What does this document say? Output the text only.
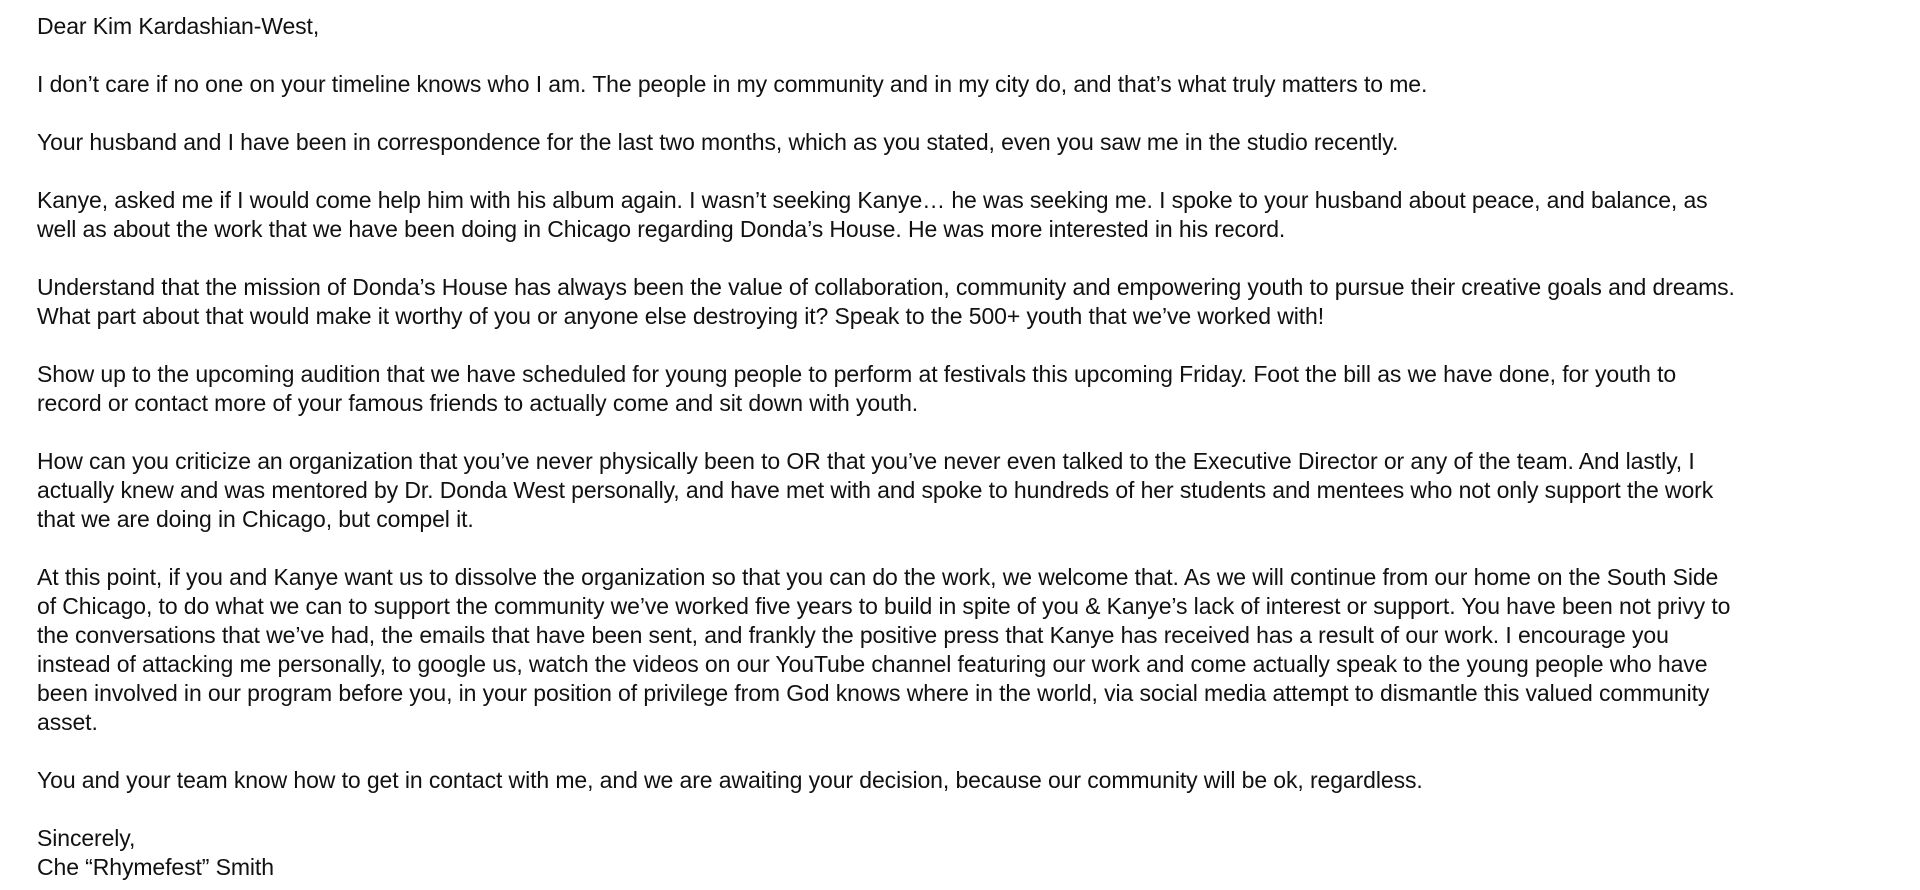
Dear Kim Kardashian-West,

I don’t care if no one on your timeline knows who I am. The people in my community and in my city do, and that’s what truly matters to me.

Your husband and I have been in correspondence for the last two months, which as you stated, even you saw me in the studio recently.

Kanye, asked me if I would come help him with his album again. I wasn’t seeking Kanye… he was seeking me. I spoke to your husband about peace, and balance, as
well as about the work that we have been doing in Chicago regarding Donda’s House. He was more interested in his record.

Understand that the mission of Donda’s House has always been the value of collaboration, community and empowering youth to pursue their creative goals and dreams.
What part about that would make it worthy of you or anyone else destroying it? Speak to the 500+ youth that we’ve worked with!

Show up to the upcoming audition that we have scheduled for young people to perform at festivals this upcoming Friday. Foot the bill as we have done, for youth to
record or contact more of your famous friends to actually come and sit down with youth.

How can you criticize an organization that you’ve never physically been to OR that you’ve never even talked to the Executive Director or any of the team. And lastly, I
actually knew and was mentored by Dr. Donda West personally, and have met with and spoke to hundreds of her students and mentees who not only support the work
that we are doing in Chicago, but compel it.

At this point, if you and Kanye want us to dissolve the organization so that you can do the work, we welcome that. As we will continue from our home on the South Side
of Chicago, to do what we can to support the community we’ve worked five years to build in spite of you & Kanye’s lack of interest or support. You have been not privy to
the conversations that we’ve had, the emails that have been sent, and frankly the positive press that Kanye has received has a result of our work. I encourage you
instead of attacking me personally, to google us, watch the videos on our YouTube channel featuring our work and come actually speak to the young people who have
been involved in our program before you, in your position of privilege from God knows where in the world, via social media attempt to dismantle this valued community
asset.

You and your team know how to get in contact with me, and we are awaiting your decision, because our community will be ok, regardless.

Sincerely,

Che “Rhymefest” Smith
